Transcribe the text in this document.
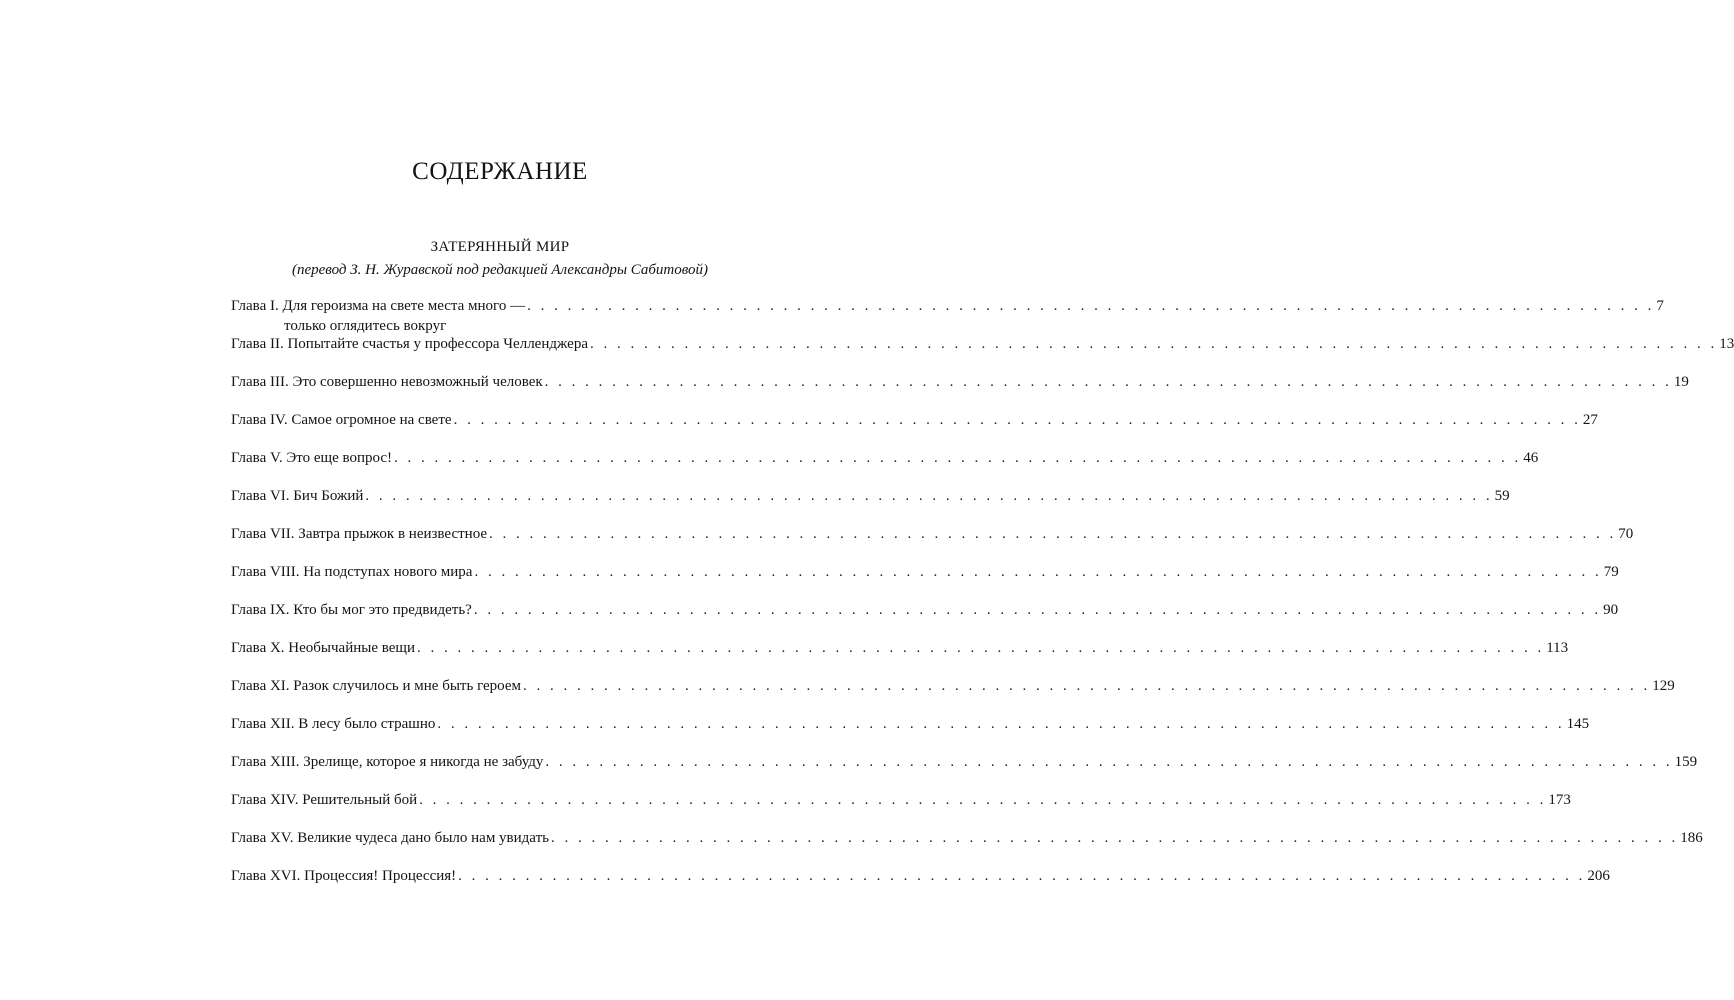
СОДЕРЖАНИЕ
ЗАТЕРЯННЫЙ МИР
(перевод З. Н. Журавской под редакцией Александры Сабитовой)
Глава I. Для героизма на свете места много — . . . . . . . . . . . . . . . . . . . . . . . . . . . . . . . . . . . . . . . . . . . . . . . . . . . . . . . . . . . . . . . . . . . . . . . . . . . . . . . . . . . . 7
только оглядитесь вокруг
Глава II. Попытайте счастья у профессора Челленджера . . . . . . . . . . . . . . . . . . . . . . . . . . . . . . . . . . . . . . . . . . . . . . . . . . . . . . . . . . . . . . . . . . . . . . . . . . . . . . . . . . . . 13
Глава III. Это совершенно невозможный человек . . . . . . . . . . . . . . . . . . . . . . . . . . . . . . . . . . . . . . . . . . . . . . . . . . . . . . . . . . . . . . . . . . . . . . . . . . . . . . . . . . . . 19
Глава IV. Самое огромное на свете . . . . . . . . . . . . . . . . . . . . . . . . . . . . . . . . . . . . . . . . . . . . . . . . . . . . . . . . . . . . . . . . . . . . . . . . . . . . . . . . . . . . 27
Глава V. Это еще вопрос! . . . . . . . . . . . . . . . . . . . . . . . . . . . . . . . . . . . . . . . . . . . . . . . . . . . . . . . . . . . . . . . . . . . . . . . . . . . . . . . . . . . . 46
Глава VI. Бич Божий . . . . . . . . . . . . . . . . . . . . . . . . . . . . . . . . . . . . . . . . . . . . . . . . . . . . . . . . . . . . . . . . . . . . . . . . . . . . . . . . . . . . 59
Глава VII. Завтра прыжок в неизвестное . . . . . . . . . . . . . . . . . . . . . . . . . . . . . . . . . . . . . . . . . . . . . . . . . . . . . . . . . . . . . . . . . . . . . . . . . . . . . . . . . . . . 70
Глава VIII. На подступах нового мира . . . . . . . . . . . . . . . . . . . . . . . . . . . . . . . . . . . . . . . . . . . . . . . . . . . . . . . . . . . . . . . . . . . . . . . . . . . . . . . . . . . . 79
Глава IX. Кто бы мог это предвидеть? . . . . . . . . . . . . . . . . . . . . . . . . . . . . . . . . . . . . . . . . . . . . . . . . . . . . . . . . . . . . . . . . . . . . . . . . . . . . . . . . . . . . 90
Глава X. Необычайные вещи . . . . . . . . . . . . . . . . . . . . . . . . . . . . . . . . . . . . . . . . . . . . . . . . . . . . . . . . . . . . . . . . . . . . . . . . . . . . . . . . . . . . 113
Глава XI. Разок случилось и мне быть героем . . . . . . . . . . . . . . . . . . . . . . . . . . . . . . . . . . . . . . . . . . . . . . . . . . . . . . . . . . . . . . . . . . . . . . . . . . . . . . . . . . . . 129
Глава XII. В лесу было страшно . . . . . . . . . . . . . . . . . . . . . . . . . . . . . . . . . . . . . . . . . . . . . . . . . . . . . . . . . . . . . . . . . . . . . . . . . . . . . . . . . . . . 145
Глава XIII. Зрелище, которое я никогда не забуду . . . . . . . . . . . . . . . . . . . . . . . . . . . . . . . . . . . . . . . . . . . . . . . . . . . . . . . . . . . . . . . . . . . . . . . . . . . . . . . . . . . . 159
Глава XIV. Решительный бой . . . . . . . . . . . . . . . . . . . . . . . . . . . . . . . . . . . . . . . . . . . . . . . . . . . . . . . . . . . . . . . . . . . . . . . . . . . . . . . . . . . . 173
Глава XV. Великие чудеса дано было нам увидать . . . . . . . . . . . . . . . . . . . . . . . . . . . . . . . . . . . . . . . . . . . . . . . . . . . . . . . . . . . . . . . . . . . . . . . . . . . . . . . . . . . . 186
Глава XVI. Процессия! Процессия! . . . . . . . . . . . . . . . . . . . . . . . . . . . . . . . . . . . . . . . . . . . . . . . . . . . . . . . . . . . . . . . . . . . . . . . . . . . . . . . . . . . . 206
